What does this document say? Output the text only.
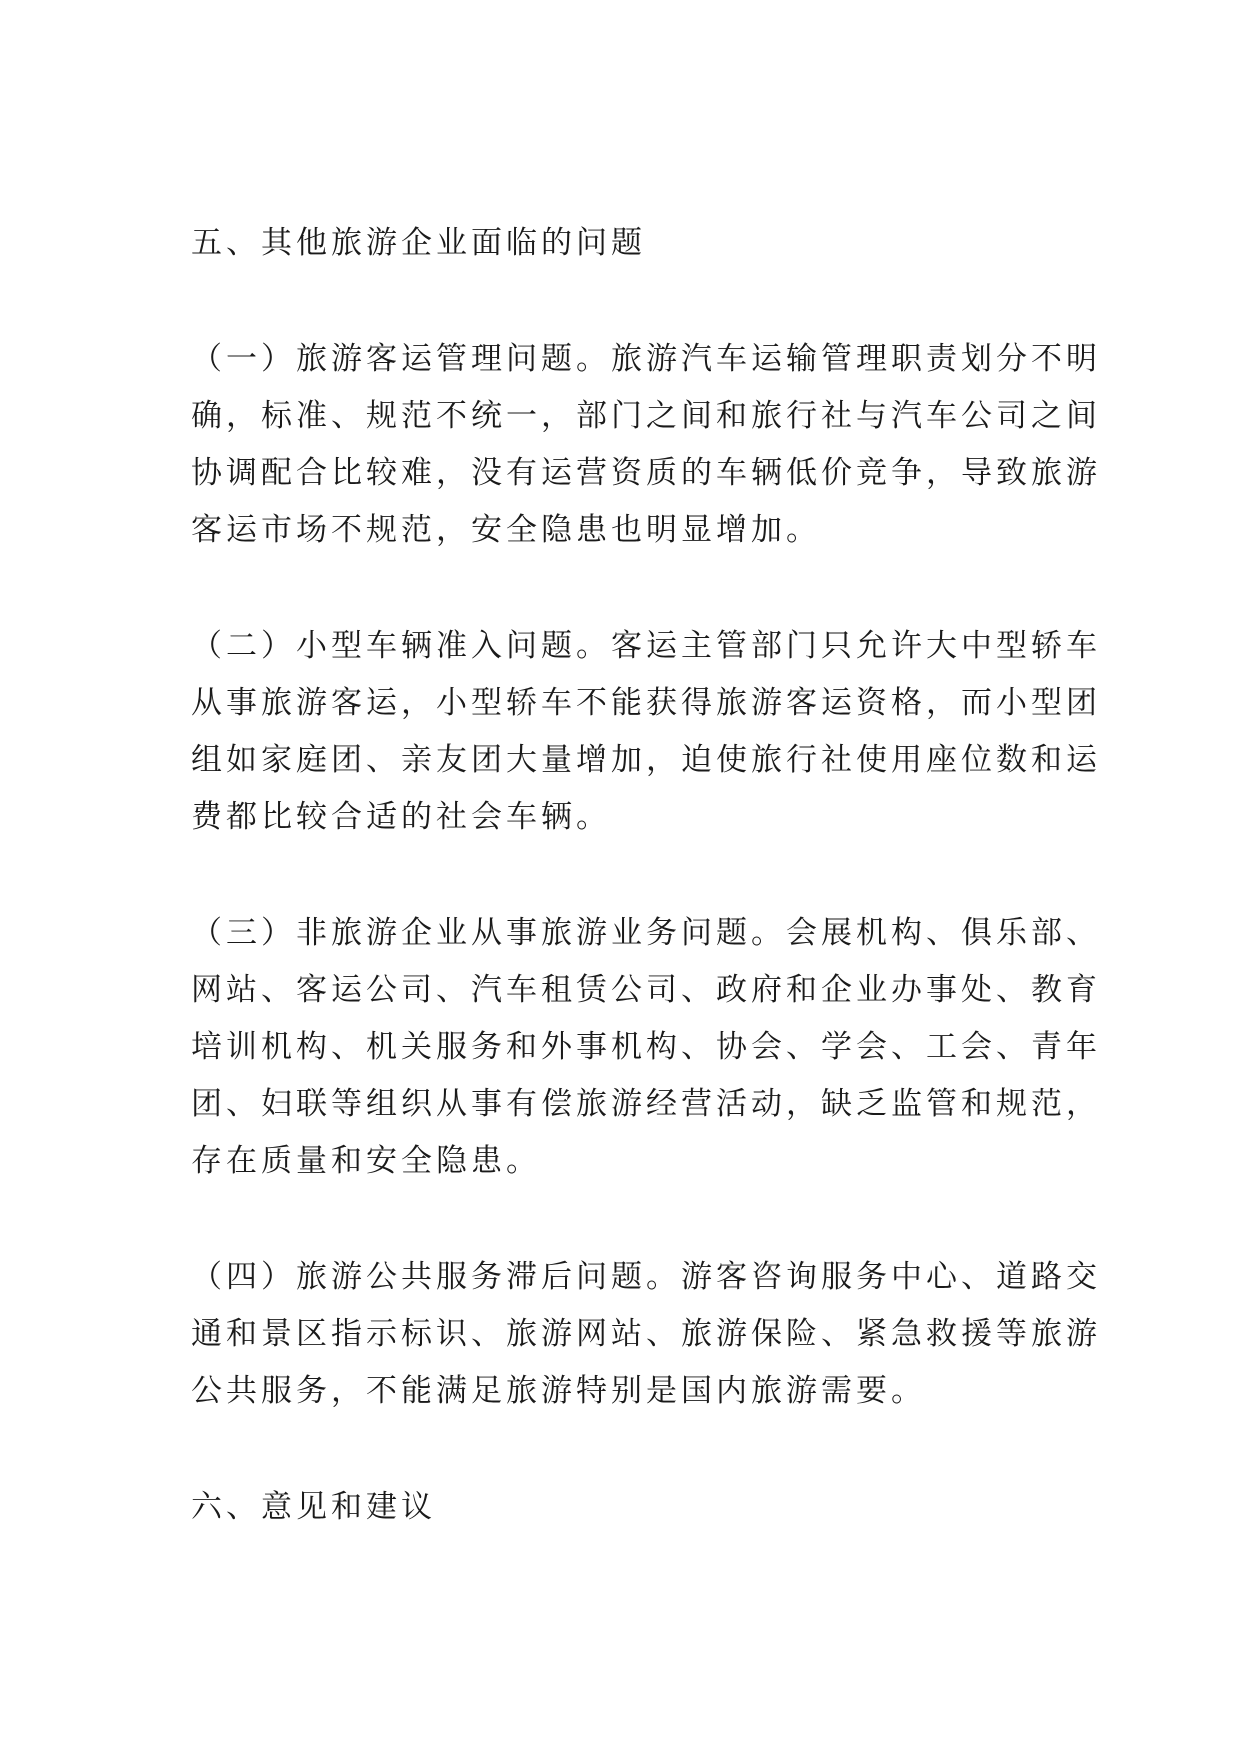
五、其他旅游企业面临的问题
（一）旅游客运管理问题。旅游汽车运输管理职责划分不明
确，标准、规范不统一，部门之间和旅行社与汽车公司之间
协调配合比较难，没有运营资质的车辆低价竞争，导致旅游
客运市场不规范，安全隐患也明显增加。
（二）小型车辆准入问题。客运主管部门只允许大中型轿车
从事旅游客运，小型轿车不能获得旅游客运资格，而小型团
组如家庭团、亲友团大量增加，迫使旅行社使用座位数和运
费都比较合适的社会车辆。
（三）非旅游企业从事旅游业务问题。会展机构、俱乐部、
网站、客运公司、汽车租赁公司、政府和企业办事处、教育
培训机构、机关服务和外事机构、协会、学会、工会、青年
团、妇联等组织从事有偿旅游经营活动，缺乏监管和规范，
存在质量和安全隐患。
（四）旅游公共服务滞后问题。游客咨询服务中心、道路交
通和景区指示标识、旅游网站、旅游保险、紧急救援等旅游
公共服务，不能满足旅游特别是国内旅游需要。
六、意见和建议
